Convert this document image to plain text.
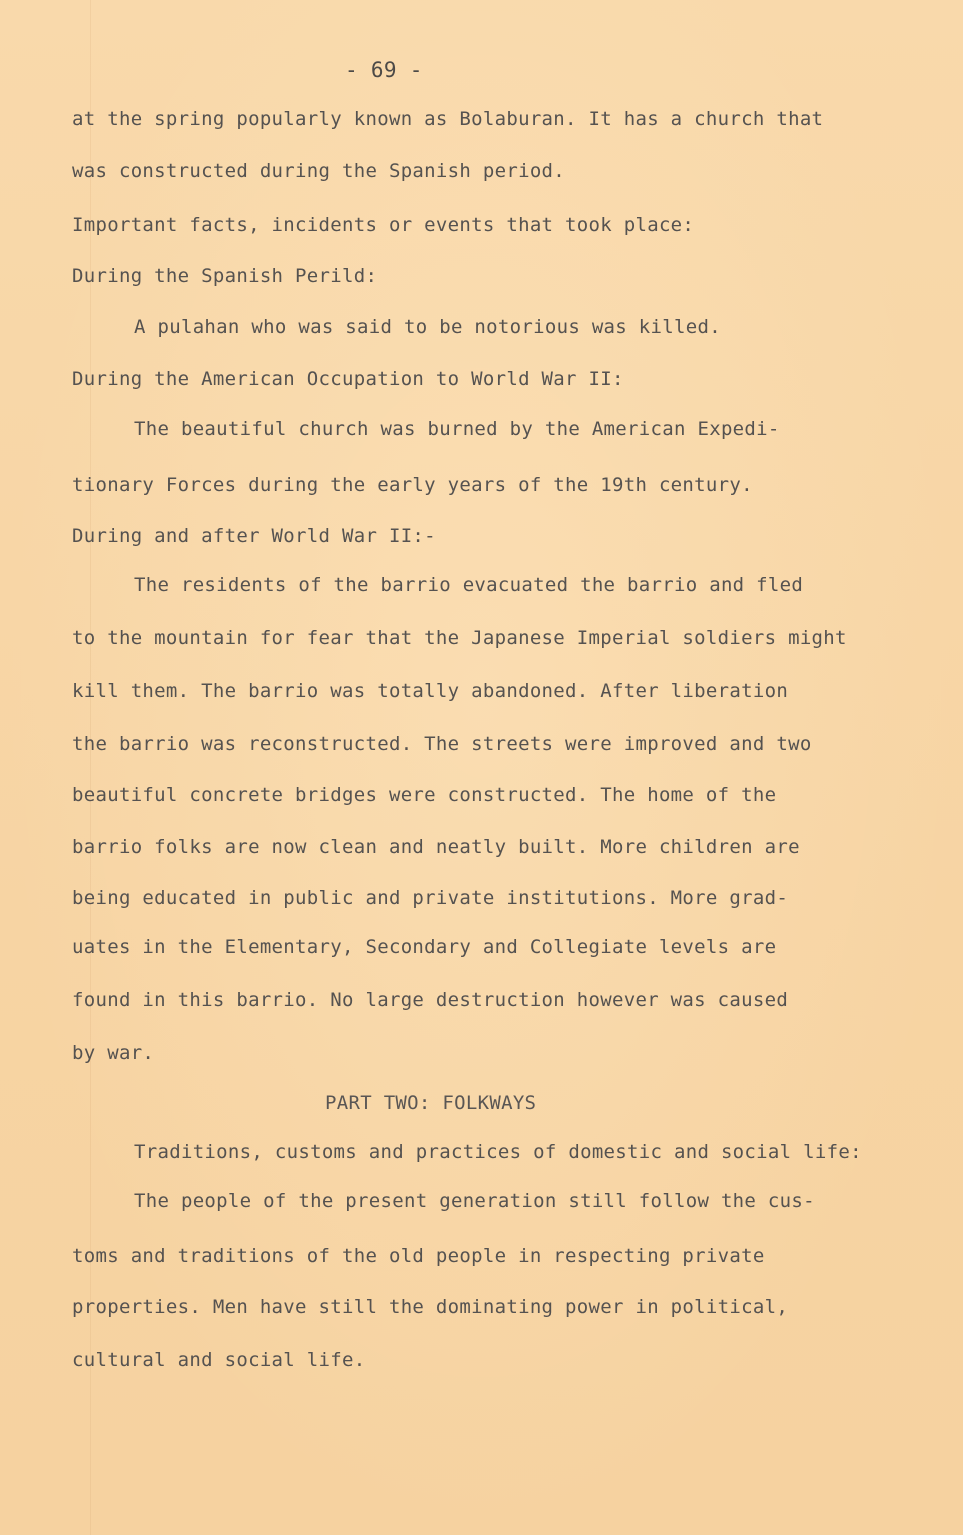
- 69 -
at the spring popularly known as Bolaburan. It has a church that
was constructed during the Spanish period.
Important facts, incidents or events that took place:
During the Spanish Perild:
A pulahan who was said to be notorious was killed.
During the American Occupation to World War II:
The beautiful church was burned by the American Expedi-
tionary Forces during the early years of the 19th century.
During and after World War II:-
The residents of the barrio evacuated the barrio and fled
to the mountain for fear that the Japanese Imperial soldiers might
kill them. The barrio was totally abandoned. After liberation
the barrio was reconstructed. The streets were improved and two
beautiful concrete bridges were constructed. The home of the
barrio folks are now clean and neatly built. More children are
being educated in public and private institutions. More grad-
uates in the Elementary, Secondary and Collegiate levels are
found in this barrio. No large destruction however was caused
by war.
PART TWO: FOLKWAYS
Traditions, customs and practices of domestic and social life:
The people of the present generation still follow the cus-
toms and traditions of the old people in respecting private
properties. Men have still the dominating power in political,
cultural and social life.
